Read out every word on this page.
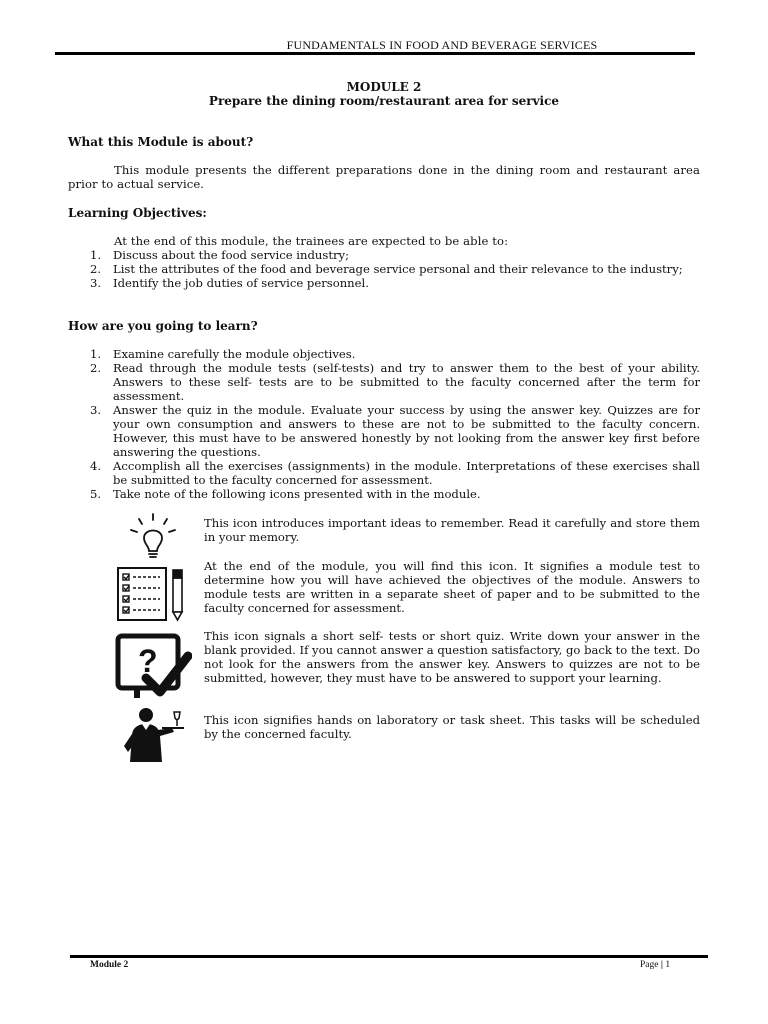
FUNDAMENTALS IN FOOD AND BEVERAGE SERVICES
MODULE 2
Prepare the dining room/restaurant area for service
What this Module is about?
This module presents the different preparations done in the dining room and restaurant area prior to actual service.
Learning Objectives:
At the end of this module, the trainees are expected to be able to:
1. Discuss about the food service industry;
2. List the attributes of the food and beverage service personal and their relevance to the industry;
3. Identify the job duties of service personnel.
How are you going to learn?
1. Examine carefully the module objectives.
2. Read through the module tests (self-tests) and try to answer them to the best of your ability. Answers to these self- tests are to be submitted to the faculty concerned after the term for assessment.
3. Answer the quiz in the module. Evaluate your success by using the answer key. Quizzes are for your own consumption and answers to these are not to be submitted to the faculty concern. However, this must have to be answered honestly by not looking from the answer key first before answering the questions.
4. Accomplish all the exercises (assignments) in the module. Interpretations of these exercises shall be submitted to the faculty concerned for assessment.
5. Take note of the following icons presented with in the module.
This icon introduces important ideas to remember. Read it carefully and store them in your memory.
At the end of the module, you will find this icon. It signifies a module test to determine how you will have achieved the objectives of the module. Answers to module tests are written in a separate sheet of paper and to be submitted to the faculty concerned for assessment.
?
This icon signals a short self- tests or short quiz. Write down your answer in the blank provided. If you cannot answer a question satisfactory, go back to the text. Do not look for the answers from the answer key. Answers to quizzes are not to be submitted, however, they must have to be answered to support your learning.
This icon signifies hands on laboratory or task sheet. This tasks will be scheduled by the concerned faculty.
Module 2	Page | 1
